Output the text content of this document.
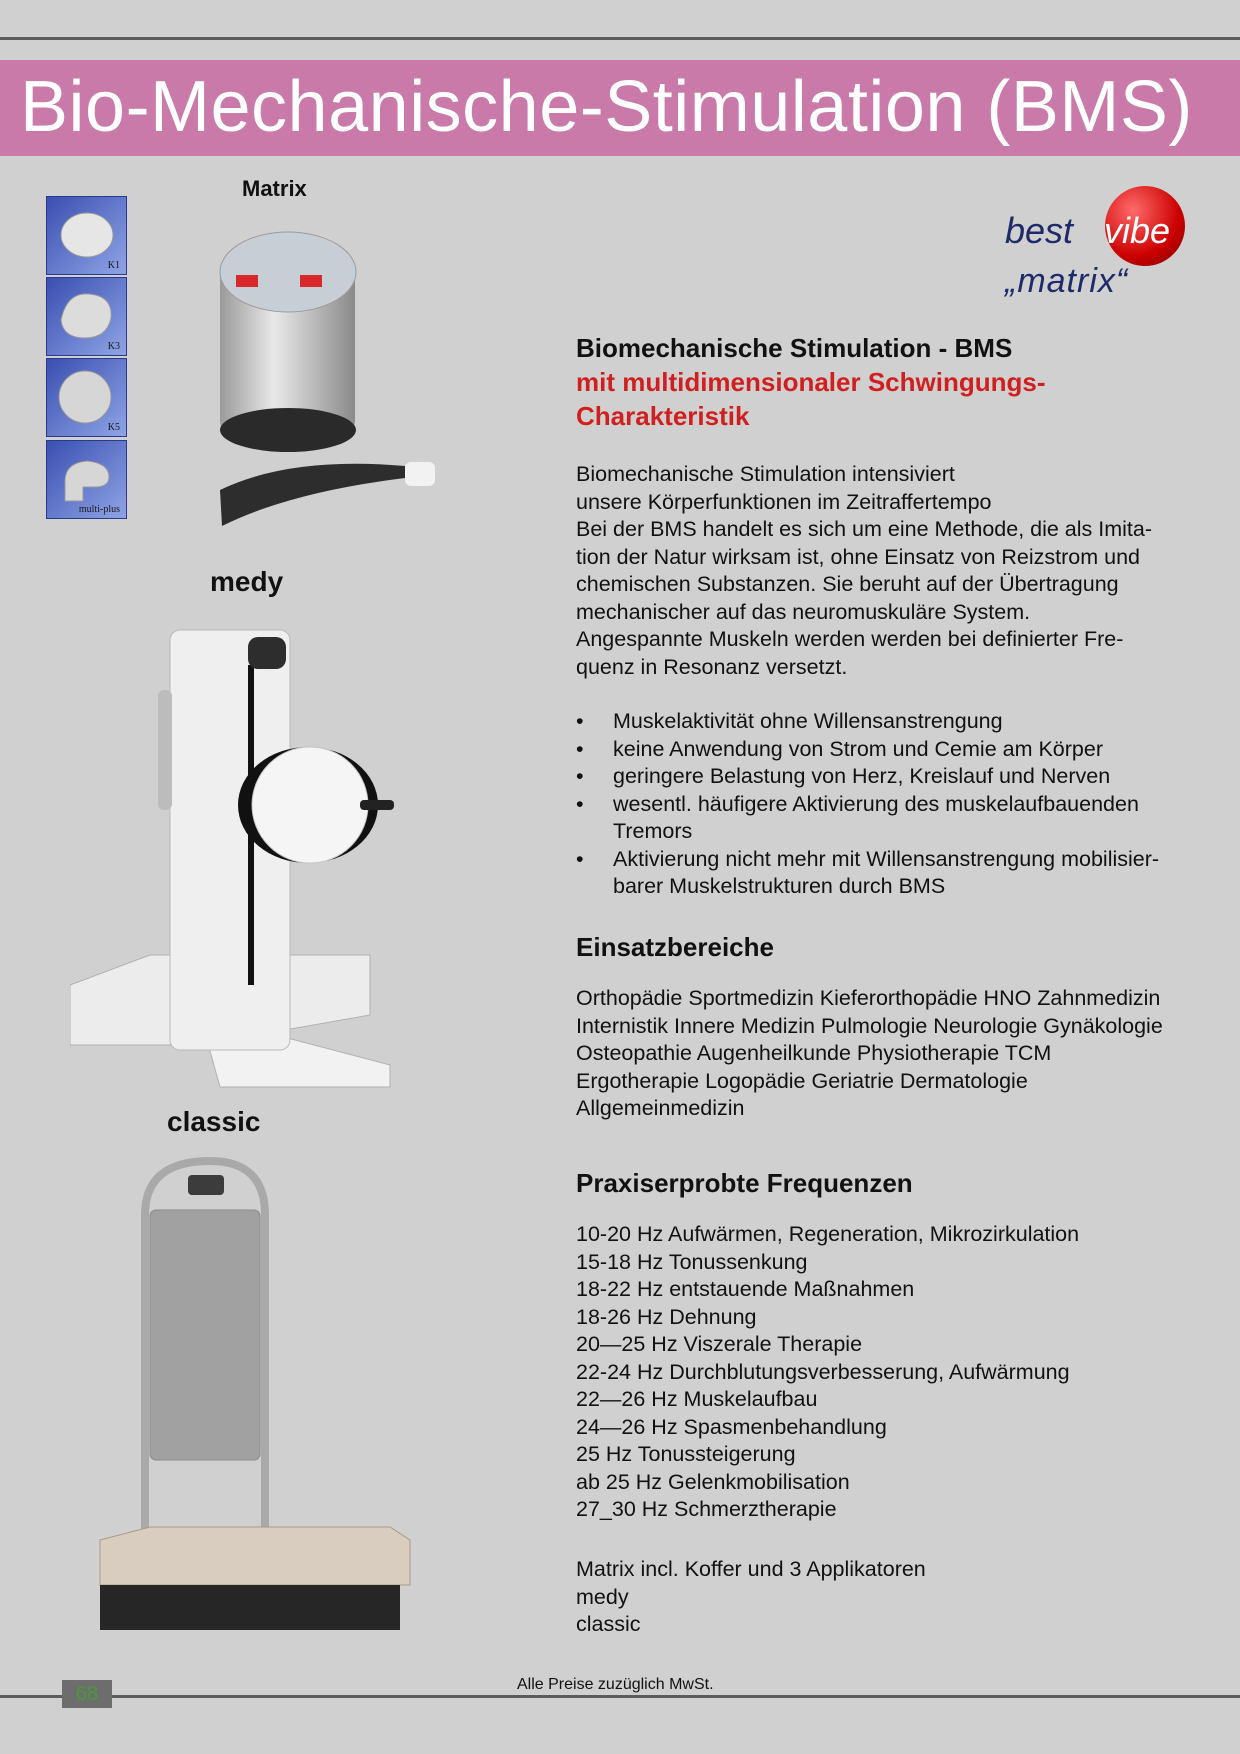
Bio-Mechanische-Stimulation (BMS)
K1
K3
K5
multi-plus
Matrix
medy
classic
best vibe
„matrix“

Biomechanische Stimulation - BMS

mit multidimensionaler Schwingungs-

Charakteristik

Biomechanische Stimulation intensiviert
unsere Körperfunktionen im Zeitraffertempo
Bei der BMS handelt es sich um eine Methode, die als Imita-
tion der Natur wirksam ist, ohne Einsatz von Reizstrom und
chemischen Substanzen. Sie beruht auf der Übertragung
mechanischer auf das neuromuskuläre System.
Angespannte Muskeln werden werden bei definierter Fre-
quenz in Resonanz versetzt.

• Muskelaktivität ohne Willensanstrengung
• keine Anwendung von Strom und Cemie am Körper
• geringere Belastung von Herz, Kreislauf und Nerven
• wesentl. häufigere Aktivierung des muskelaufbauenden Tremors
• Aktivierung nicht mehr mit Willensanstrengung mobilisier-
barer Muskelstrukturen durch BMS

Einsatzbereiche

Orthopädie Sportmedizin Kieferorthopädie HNO Zahnmedizin
Internistik Innere Medizin Pulmologie Neurologie Gynäkologie
Osteopathie Augenheilkunde Physiotherapie TCM
Ergotherapie Logopädie Geriatrie Dermatologie
Allgemeinmedizin

Praxiserprobte Frequenzen

10-20 Hz Aufwärmen, Regeneration, Mikrozirkulation
15-18 Hz Tonussenkung
18-22 Hz entstauende Maßnahmen
18-26 Hz Dehnung
20—25 Hz Viszerale Therapie
22-24 Hz Durchblutungsverbesserung, Aufwärmung
22—26 Hz Muskelaufbau
24—26 Hz Spasmenbehandlung
25 Hz Tonussteigerung
ab 25 Hz Gelenkmobilisation
27_30 Hz Schmerztherapie
Matrix incl. Koffer und 3 Applikatoren
medy
classic
Alle Preise zuzüglich MwSt.
68
